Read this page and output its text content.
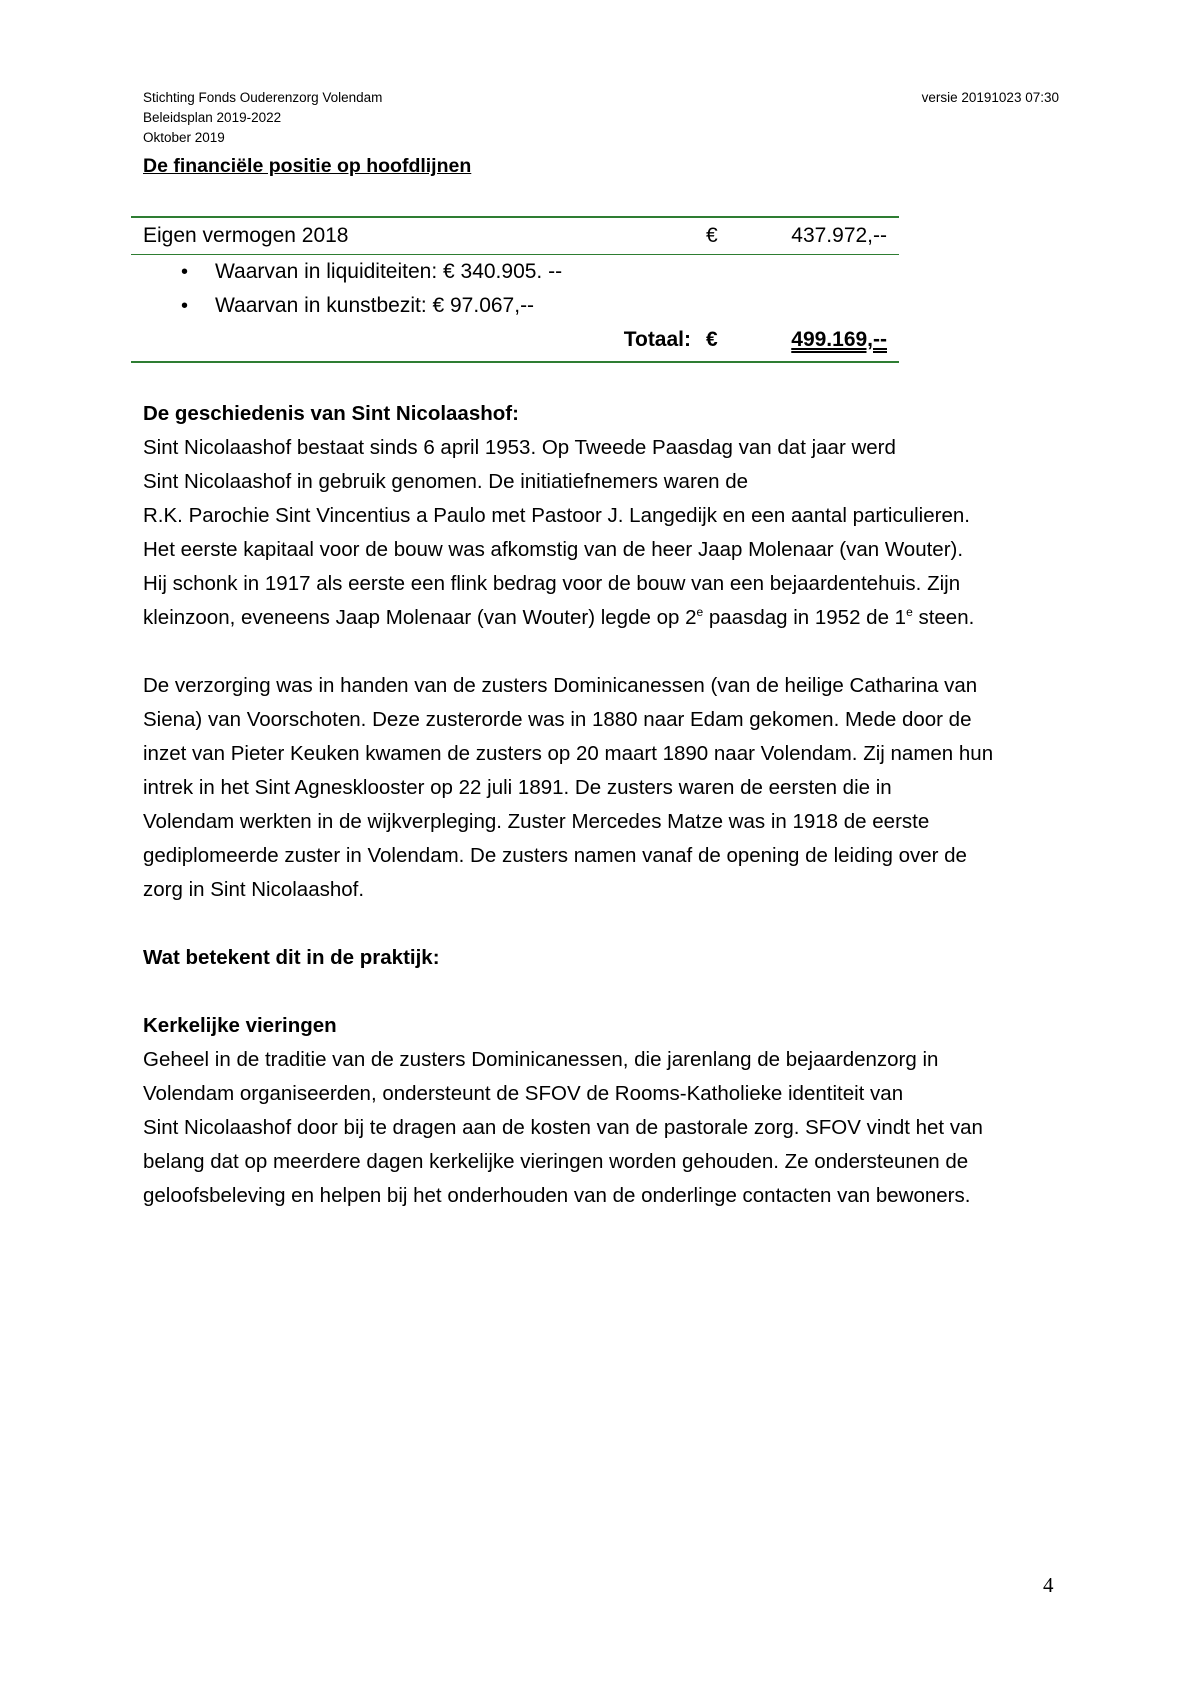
Stichting Fonds Ouderenzorg Volendam
Beleidsplan 2019-2022
Oktober 2019
versie 20191023 07:30
De financiële positie op hoofdlijnen
Eigen vermogen 2018	€	437.972,--
• Waarvan in liquiditeiten: € 340.905. --
• Waarvan in kunstbezit: € 97.067,--
Totaal: €	499.169,--

De geschiedenis van Sint Nicolaashof:

Sint Nicolaashof bestaat sinds 6 april 1953. Op Tweede Paasdag van dat jaar werd

Sint Nicolaashof in gebruik genomen. De initiatiefnemers waren de

R.K. Parochie Sint Vincentius a Paulo met Pastoor J. Langedijk en een aantal particulieren.

Het eerste kapitaal voor de bouw was afkomstig van de heer Jaap Molenaar (van Wouter).

Hij schonk in 1917 als eerste een flink bedrag voor de bouw van een bejaardentehuis. Zijn

kleinzoon, eveneens Jaap Molenaar (van Wouter) legde op 2e paasdag in 1952 de 1e steen.

De verzorging was in handen van de zusters Dominicanessen (van de heilige Catharina van

Siena) van Voorschoten. Deze zusterorde was in 1880 naar Edam gekomen. Mede door de

inzet van Pieter Keuken kwamen de zusters op 20 maart 1890 naar Volendam. Zij namen hun

intrek in het Sint Agnesklooster op 22 juli 1891. De zusters waren de eersten die in

Volendam werkten in de wijkverpleging. Zuster Mercedes Matze was in 1918 de eerste

gediplomeerde zuster in Volendam. De zusters namen vanaf de opening de leiding over de

zorg in Sint Nicolaashof.

Wat betekent dit in de praktijk:

Kerkelijke vieringen

Geheel in de traditie van de zusters Dominicanessen, die jarenlang de bejaardenzorg in

Volendam organiseerden, ondersteunt de SFOV de Rooms-Katholieke identiteit van

Sint Nicolaashof door bij te dragen aan de kosten van de pastorale zorg. SFOV vindt het van

belang dat op meerdere dagen kerkelijke vieringen worden gehouden. Ze ondersteunen de

geloofsbeleving en helpen bij het onderhouden van de onderlinge contacten van bewoners.

4
